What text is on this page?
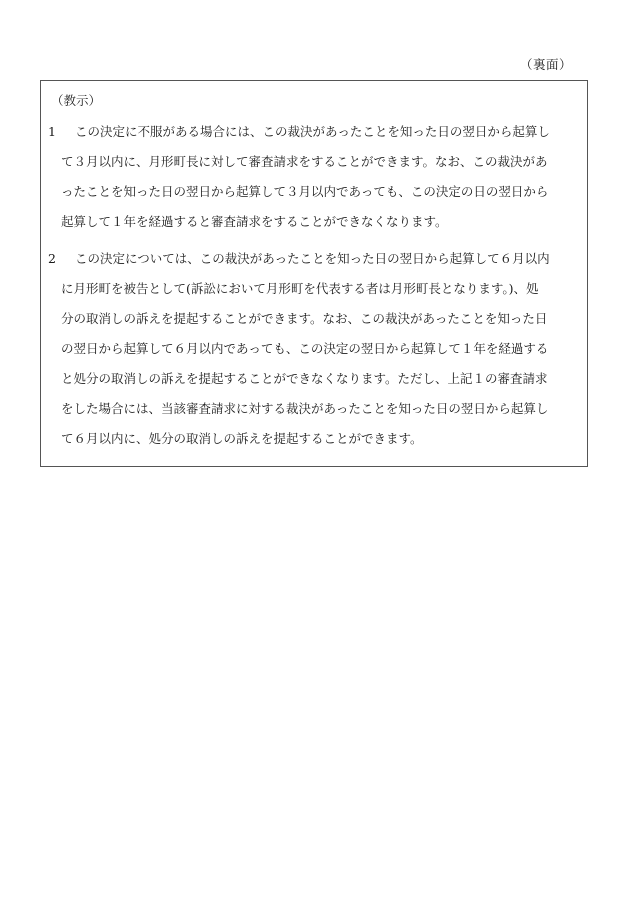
（裏面）
（教示）
1	この決定に不服がある場合には、この裁決があったことを知った日の翌日から起算し
て３月以内に、月形町長に対して審査請求をすることができます。なお、この裁決があ
ったことを知った日の翌日から起算して３月以内であっても、この決定の日の翌日から
起算して１年を経過すると審査請求をすることができなくなります。
2	この決定については、この裁決があったことを知った日の翌日から起算して６月以内
に月形町を被告として(訴訟において月形町を代表する者は月形町長となります。)、処
分の取消しの訴えを提起することができます。なお、この裁決があったことを知った日
の翌日から起算して６月以内であっても、この決定の翌日から起算して１年を経過する
と処分の取消しの訴えを提起することができなくなります。ただし、上記１の審査請求
をした場合には、当該審査請求に対する裁決があったことを知った日の翌日から起算し
て６月以内に、処分の取消しの訴えを提起することができます。
